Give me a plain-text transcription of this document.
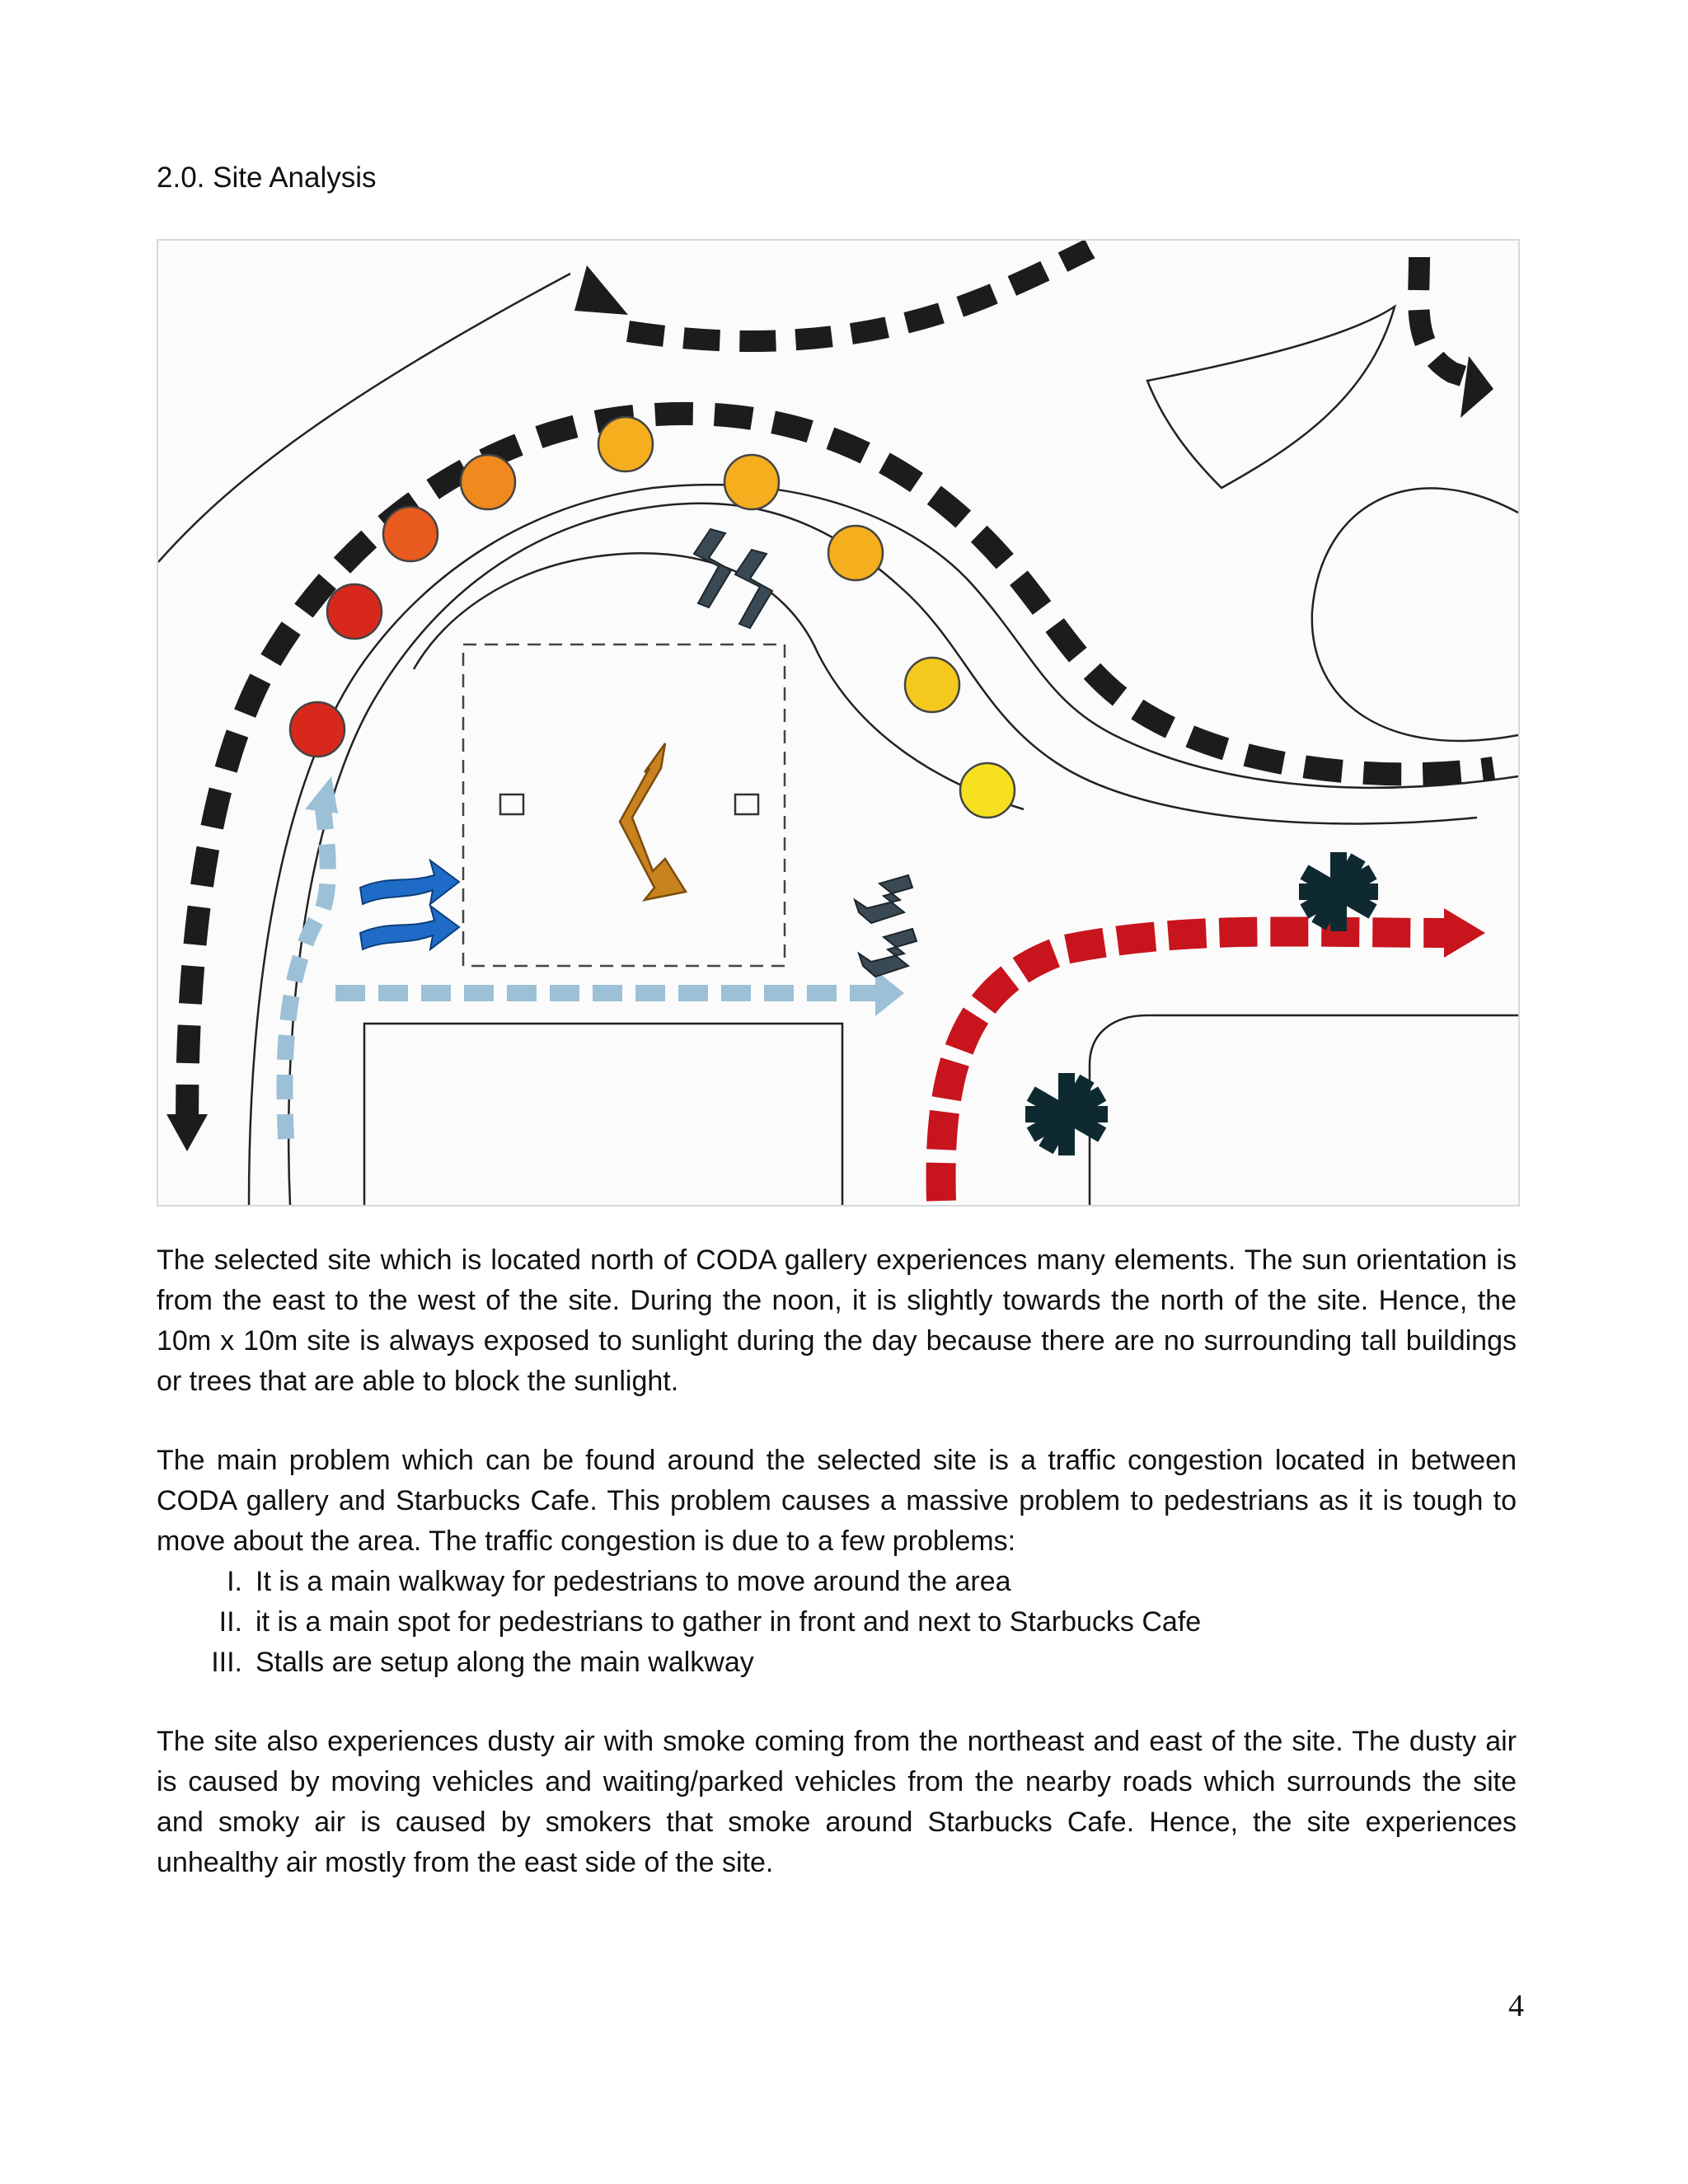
2.0. Site Analysis

The selected site which is located north of CODA gallery experiences many elements. The sun orientation is from the east to the west of the site. During the noon, it is slightly towards the north of the site. Hence, the 10m x 10m site is always exposed to sunlight during the day because there are no surrounding tall buildings or trees that are able to block the sunlight.

The main problem which can be found around the selected site is a traffic congestion located in between CODA gallery and Starbucks Cafe. This problem causes a massive problem to pedestrians as it is tough to move about the area. The traffic congestion is due to a few problems:

I. It is a main walkway for pedestrians to move around the area
II. it is a main spot for pedestrians to gather in front and next to Starbucks Cafe
III. Stalls are setup along the main walkway

The site also experiences dusty air with smoke coming from the northeast and east of the site. The dusty air is caused by moving vehicles and waiting/parked vehicles from the nearby roads which surrounds the site and smoky air is caused by smokers that smoke around Starbucks Cafe. Hence, the site experiences unhealthy air mostly from the east side of the site.

4
